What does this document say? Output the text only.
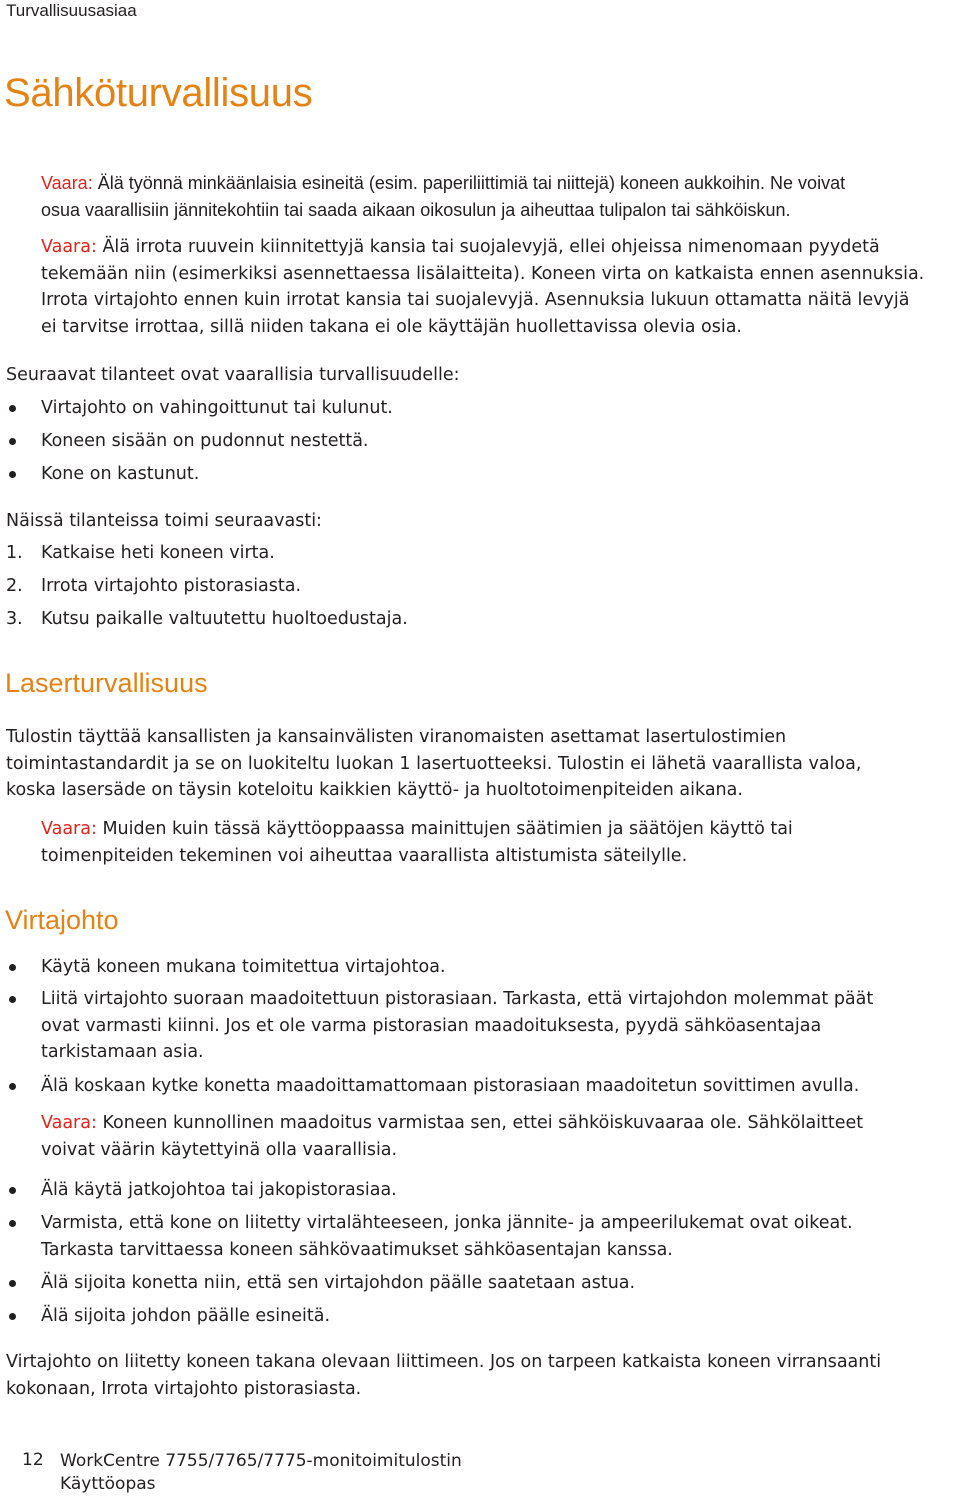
Turvallisuusasiaa
Sähköturvallisuus
Vaara: Älä työnnä minkäänlaisia esineitä (esim. paperiliittimiä tai niittejä) koneen aukkoihin. Ne voivat
osua vaarallisiin jännitekohtiin tai saada aikaan oikosulun ja aiheuttaa tulipalon tai sähköiskun.
Vaara: Älä irrota ruuvein kiinnitettyjä kansia tai suojalevyjä, ellei ohjeissa nimenomaan pyydetä
tekemään niin (esimerkiksi asennettaessa lisälaitteita). Koneen virta on katkaista ennen asennuksia.
Irrota virtajohto ennen kuin irrotat kansia tai suojalevyjä. Asennuksia lukuun ottamatta näitä levyjä
ei tarvitse irrottaa, sillä niiden takana ei ole käyttäjän huollettavissa olevia osia.
Seuraavat tilanteet ovat vaarallisia turvallisuudelle:
Virtajohto on vahingoittunut tai kulunut.
Koneen sisään on pudonnut nestettä.
Kone on kastunut.
Näissä tilanteissa toimi seuraavasti:
1.	Katkaise heti koneen virta.
2.	Irrota virtajohto pistorasiasta.
3.	Kutsu paikalle valtuutettu huoltoedustaja.
Laserturvallisuus
Tulostin täyttää kansallisten ja kansainvälisten viranomaisten asettamat lasertulostimien
toimintastandardit ja se on luokiteltu luokan 1 lasertuotteeksi. Tulostin ei lähetä vaarallista valoa,
koska lasersäde on täysin koteloitu kaikkien käyttö- ja huoltotoimenpiteiden aikana.
Vaara: Muiden kuin tässä käyttöoppaassa mainittujen säätimien ja säätöjen käyttö tai
toimenpiteiden tekeminen voi aiheuttaa vaarallista altistumista säteilylle.
Virtajohto
Käytä koneen mukana toimitettua virtajohtoa.
Liitä virtajohto suoraan maadoitettuun pistorasiaan. Tarkasta, että virtajohdon molemmat päät
ovat varmasti kiinni. Jos et ole varma pistorasian maadoituksesta, pyydä sähköasentajaa
tarkistamaan asia.
Älä koskaan kytke konetta maadoittamattomaan pistorasiaan maadoitetun sovittimen avulla.
Vaara: Koneen kunnollinen maadoitus varmistaa sen, ettei sähköiskuvaaraa ole. Sähkölaitteet
voivat väärin käytettyinä olla vaarallisia.
Älä käytä jatkojohtoa tai jakopistorasiaa.
Varmista, että kone on liitetty virtalähteeseen, jonka jännite- ja ampeerilukemat ovat oikeat.
Tarkasta tarvittaessa koneen sähkövaatimukset sähköasentajan kanssa.
Älä sijoita konetta niin, että sen virtajohdon päälle saatetaan astua.
Älä sijoita johdon päälle esineitä.
Virtajohto on liitetty koneen takana olevaan liittimeen. Jos on tarpeen katkaista koneen virransaanti
kokonaan, Irrota virtajohto pistorasiasta.
12 WorkCentre 7755/7765/7775-monitoimitulostin
Käyttöopas
